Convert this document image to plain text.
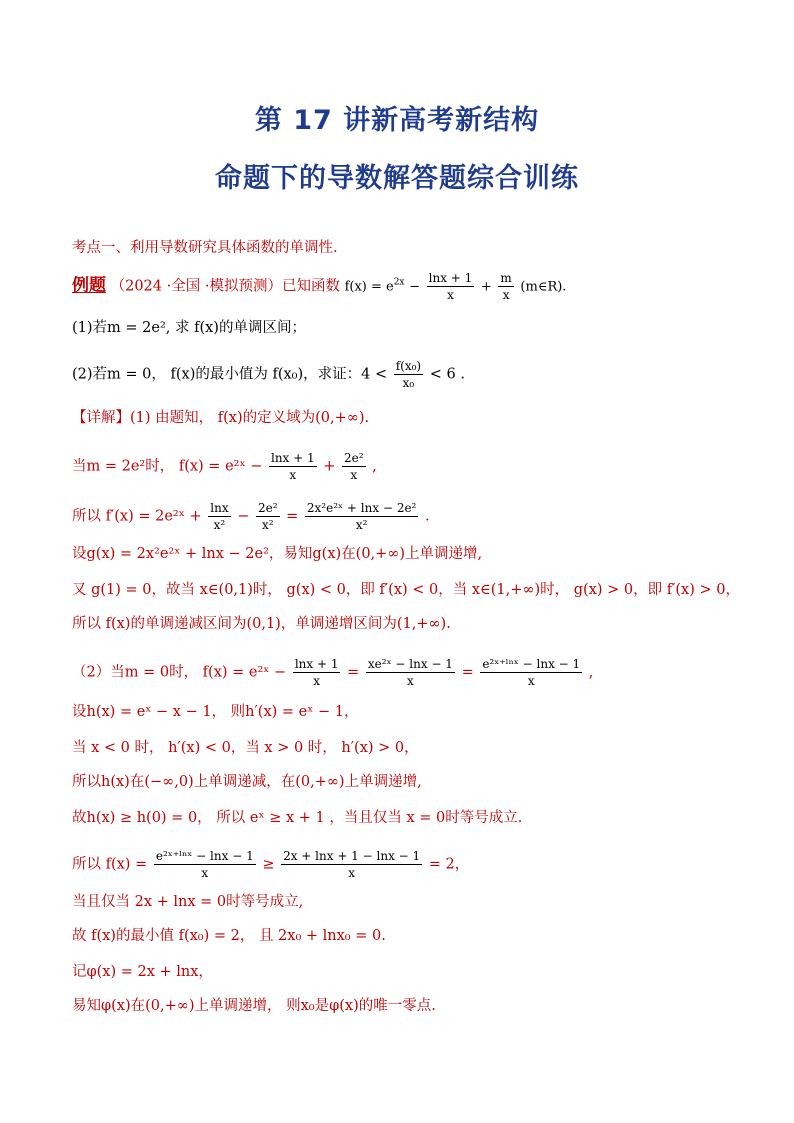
第 17 讲新高考新结构
命题下的导数解答题综合训练
考点一、利用导数研究具体函数的单调性.
例题 （2024 ·全国 ·模拟预测）已知函数 $f(x) = e^{2x} - \frac{\ln x + 1}{x} + \frac{m}{x}$ (m∈R).
(1)若m = 2e², 求 f(x)的单调区间；
(2)若m = 0， f(x)的最小值为 f(x₀)，求证：$4 < \frac{\text{f(x₀)}}{\text{x₀}} < 6$ .
【详解】(1) 由题知， f(x)的定义域为(0,+∞).
当m = 2e²时， f(x) = e²ˣ − $\frac{\ln x + 1}{x} + \frac{\text{2e²}}{x}$ ,
所以 f′(x) = 2e²ˣ + $\frac{\ln x}{\text{x²}} - \frac{\text{2e²}}{\text{x²}} = \frac{\text{2x²e²ˣ + lnx − 2e²}}{\text{x²}}$ .
设g(x) = 2x²e²ˣ + lnx − 2e²，易知g(x)在(0,+∞)上单调递增,
又 g(1) = 0，故当 x∈(0,1)时， g(x) < 0，即 f′(x) < 0，当 x∈(1,+∞)时， g(x) > 0，即 f′(x) > 0，
所以 f(x)的单调递减区间为(0,1)，单调递增区间为(1,+∞).
（2）当m = 0时， f(x) = e²ˣ − $\frac{\ln x + 1}{x} = \frac{\text{xe²ˣ − lnx − 1}}{x} = \frac{\text{e²ˣ⁺ˡⁿˣ − lnx − 1}}{x}$ ,
设h(x) = eˣ − x − 1， 则h′(x) = eˣ − 1，
当 x < 0 时， h′(x) < 0，当 x > 0 时， h′(x) > 0，
所以h(x)在(−∞,0)上单调递减，在(0,+∞)上单调递增,
故h(x) ≥ h(0) = 0， 所以 eˣ ≥ x + 1 ，当且仅当 x = 0时等号成立.
所以 $f(x) = \frac{\text{e²ˣ⁺ˡⁿˣ − lnx − 1}}{x} \ge \frac{2x + \ln x + 1 - \ln x - 1}{x} = 2$，
当且仅当 2x + lnx = 0时等号成立,
故 f(x)的最小值 f(x₀) = 2， 且 2x₀ + lnx₀ = 0.
记φ(x) = 2x + lnx，
易知φ(x)在(0,+∞)上单调递增， 则x₀是φ(x)的唯一零点.
